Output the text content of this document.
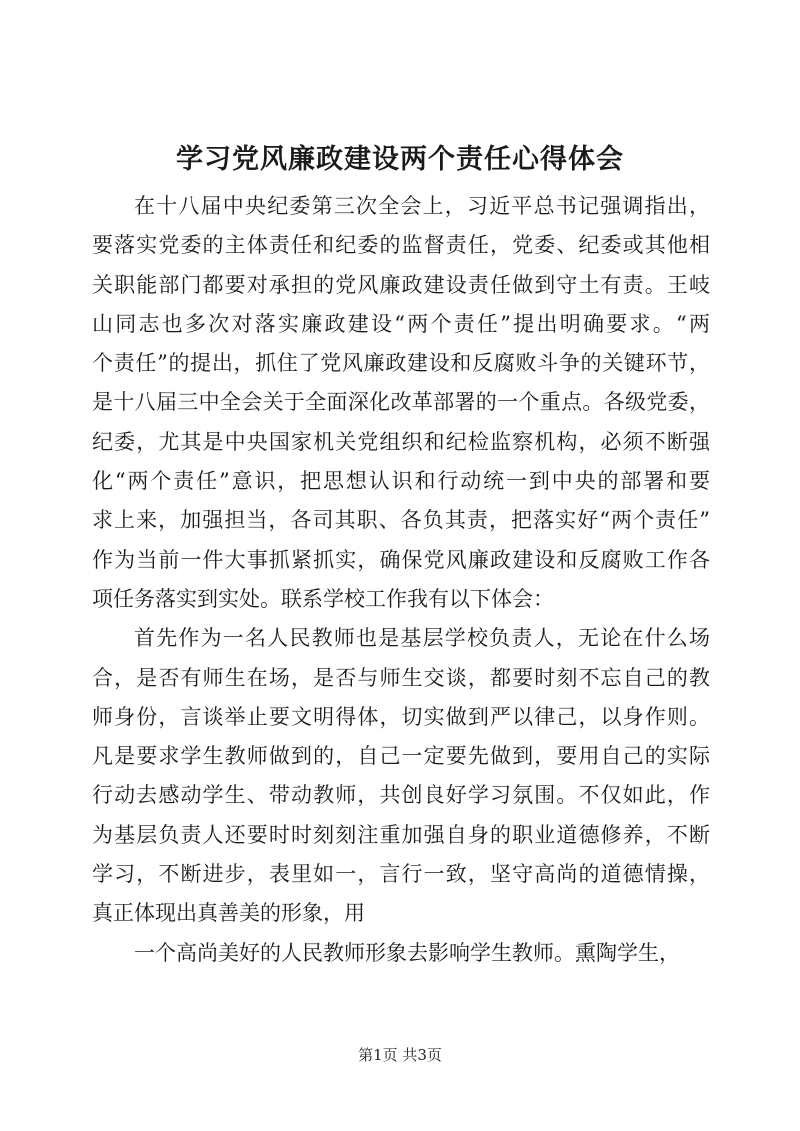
学习党风廉政建设两个责任心得体会
在十八届中央纪委第三次全会上，习近平总书记强调指出，
要落实党委的主体责任和纪委的监督责任，党委、纪委或其他相
关职能部门都要对承担的党风廉政建设责任做到守土有责。王岐
山同志也多次对落实廉政建设“两个责任”提出明确要求。“两
个责任”的提出，抓住了党风廉政建设和反腐败斗争的关键环节，
是十八届三中全会关于全面深化改革部署的一个重点。各级党委，
纪委，尤其是中央国家机关党组织和纪检监察机构，必须不断强
化“两个责任”意识，把思想认识和行动统一到中央的部署和要
求上来，加强担当，各司其职、各负其责，把落实好“两个责任”
作为当前一件大事抓紧抓实，确保党风廉政建设和反腐败工作各
项任务落实到实处。联系学校工作我有以下体会：
首先作为一名人民教师也是基层学校负责人，无论在什么场
合，是否有师生在场，是否与师生交谈，都要时刻不忘自己的教
师身份，言谈举止要文明得体，切实做到严以律己，以身作则。
凡是要求学生教师做到的，自己一定要先做到，要用自己的实际
行动去感动学生、带动教师，共创良好学习氛围。不仅如此，作
为基层负责人还要时时刻刻注重加强自身的职业道德修养，不断
学习，不断进步，表里如一，言行一致，坚守高尚的道德情操，
真正体现出真善美的形象，用
一个高尚美好的人民教师形象去影响学生教师。熏陶学生，
第1页 共3页
